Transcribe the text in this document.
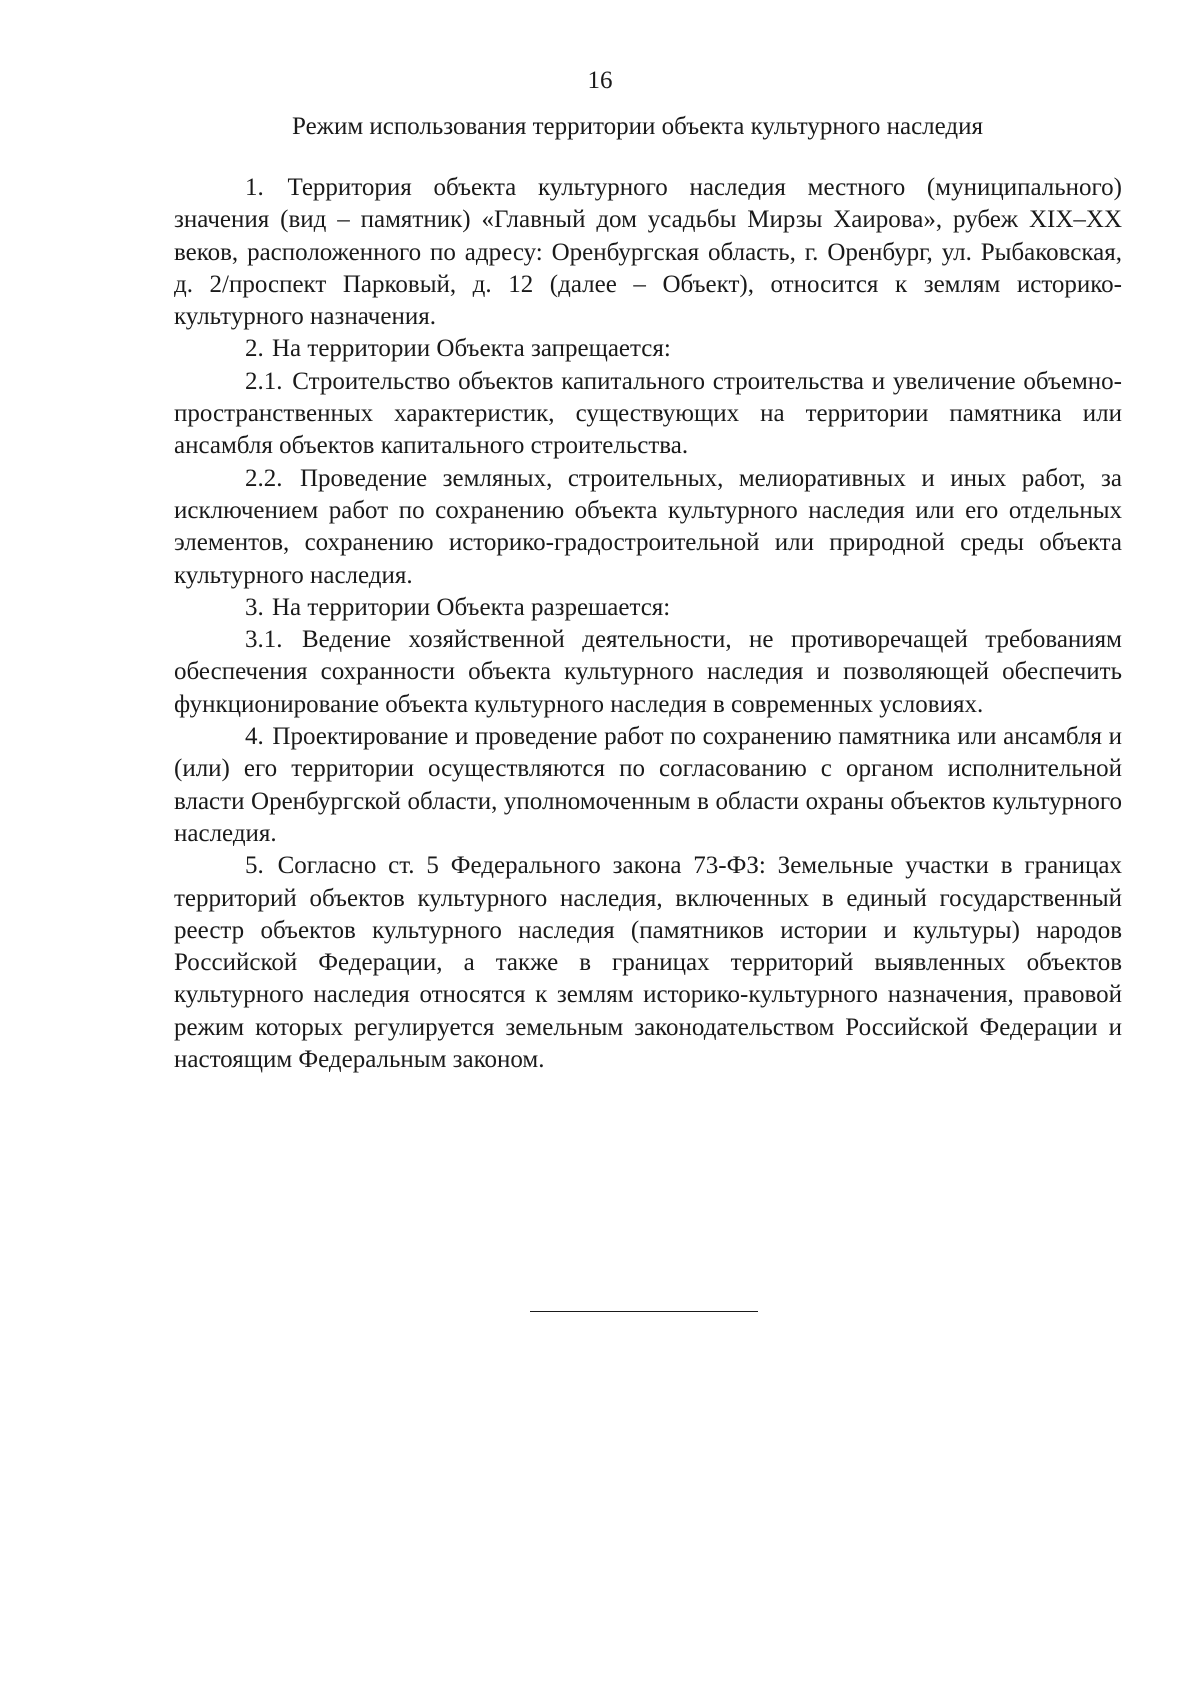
16
Режим использования территории объекта культурного наследия

1. Территория объекта культурного наследия местного (муниципального) значения (вид – памятник) «Главный дом усадьбы Мирзы Хаирова», рубеж XIX–XX веков, расположенного по адресу: Оренбургская область, г. Оренбург, ул. Рыбаковская, д. 2/проспект Парковый, д. 12 (далее – Объект), относится к землям историко-культурного назначения.

2. На территории Объекта запрещается:

2.1. Строительство объектов капитального строительства и увеличение объемно-пространственных характеристик, существующих на территории памятника или ансамбля объектов капитального строительства.

2.2. Проведение земляных, строительных, мелиоративных и иных работ, за исключением работ по сохранению объекта культурного наследия или его отдельных элементов, сохранению историко-градостроительной или природной среды объекта культурного наследия.

3. На территории Объекта разрешается:

3.1. Ведение хозяйственной деятельности, не противоречащей требованиям обеспечения сохранности объекта культурного наследия и позволяющей обеспечить функционирование объекта культурного наследия в современных условиях.

4. Проектирование и проведение работ по сохранению памятника или ансамбля и (или) его территории осуществляются по согласованию с органом исполнительной власти Оренбургской области, уполномоченным в области охраны объектов культурного наследия.

5. Согласно ст. 5 Федерального закона 73-ФЗ: Земельные участки в границах территорий объектов культурного наследия, включенных в единый государственный реестр объектов культурного наследия (памятников истории и культуры) народов Российской Федерации, а также в границах территорий выявленных объектов культурного наследия относятся к землям историко-культурного назначения, правовой режим которых регулируется земельным законодательством Российской Федерации и настоящим Федеральным законом.
